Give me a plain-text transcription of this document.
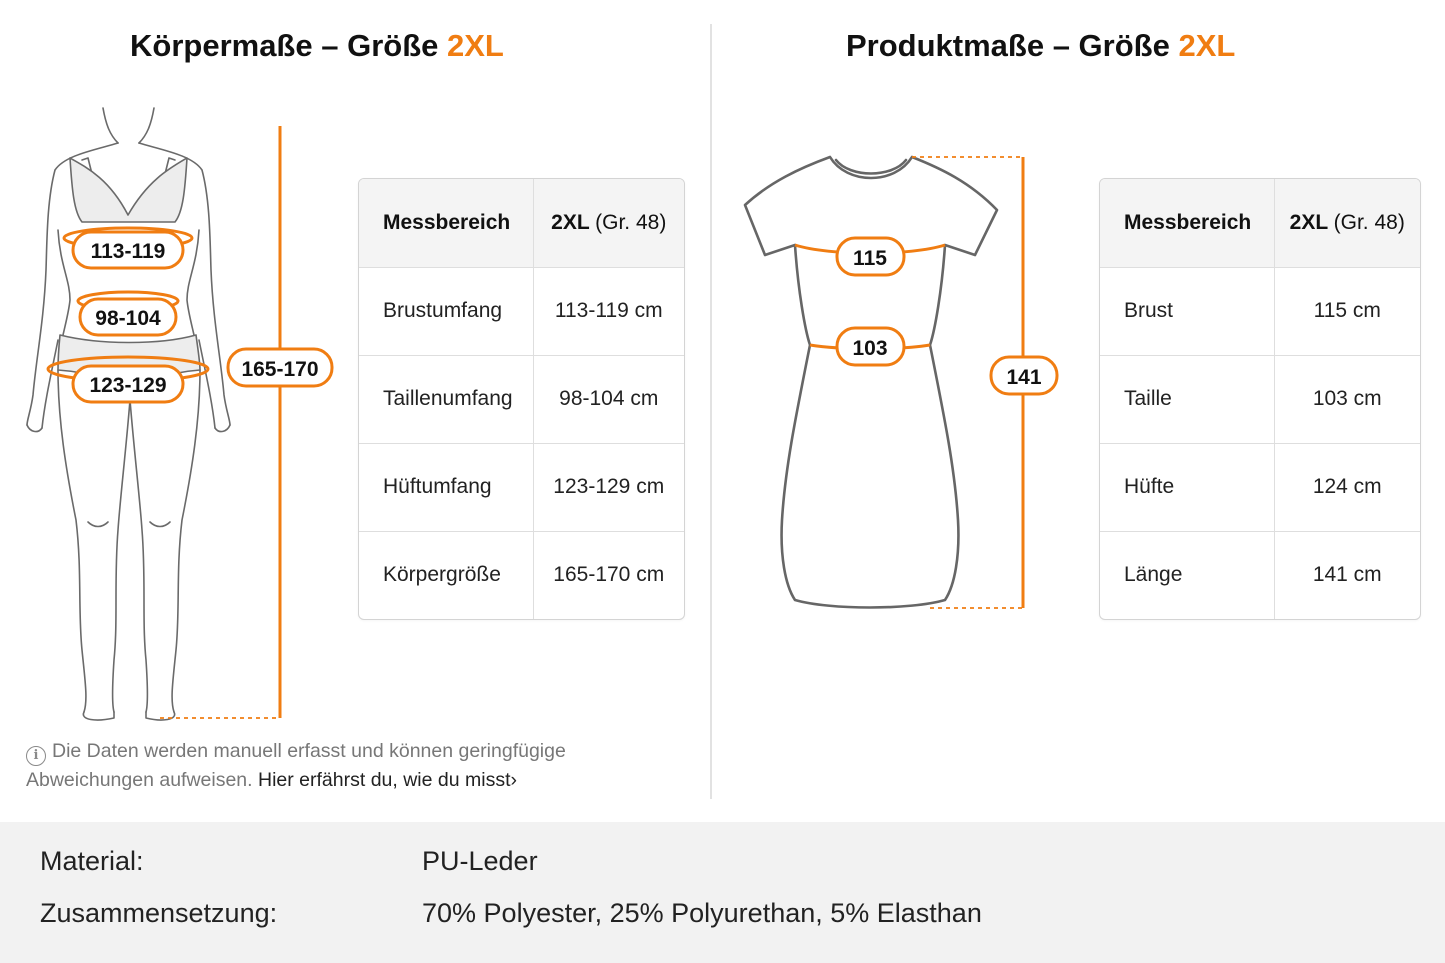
Körpermaße – Größe 2XL	Produktmaße – Größe 2XL
113-119
98-104
123-129
165-170
115
103
141
Messbereich	2XL (Gr. 48)
Brustumfang	113-119 cm
Taillenumfang	98-104 cm
Hüftumfang	123-129 cm
Körpergröße	165-170 cm
Messbereich	2XL (Gr. 48)
Brust	115 cm
Taille	103 cm
Hüfte	124 cm
Länge	141 cm
i Die Daten werden manuell erfasst und können geringfügige Abweichungen aufweisen. Hier erfährst du, wie du misst›
Material:	PU-Leder
Zusammensetzung:	70% Polyester, 25% Polyurethan, 5% Elasthan
